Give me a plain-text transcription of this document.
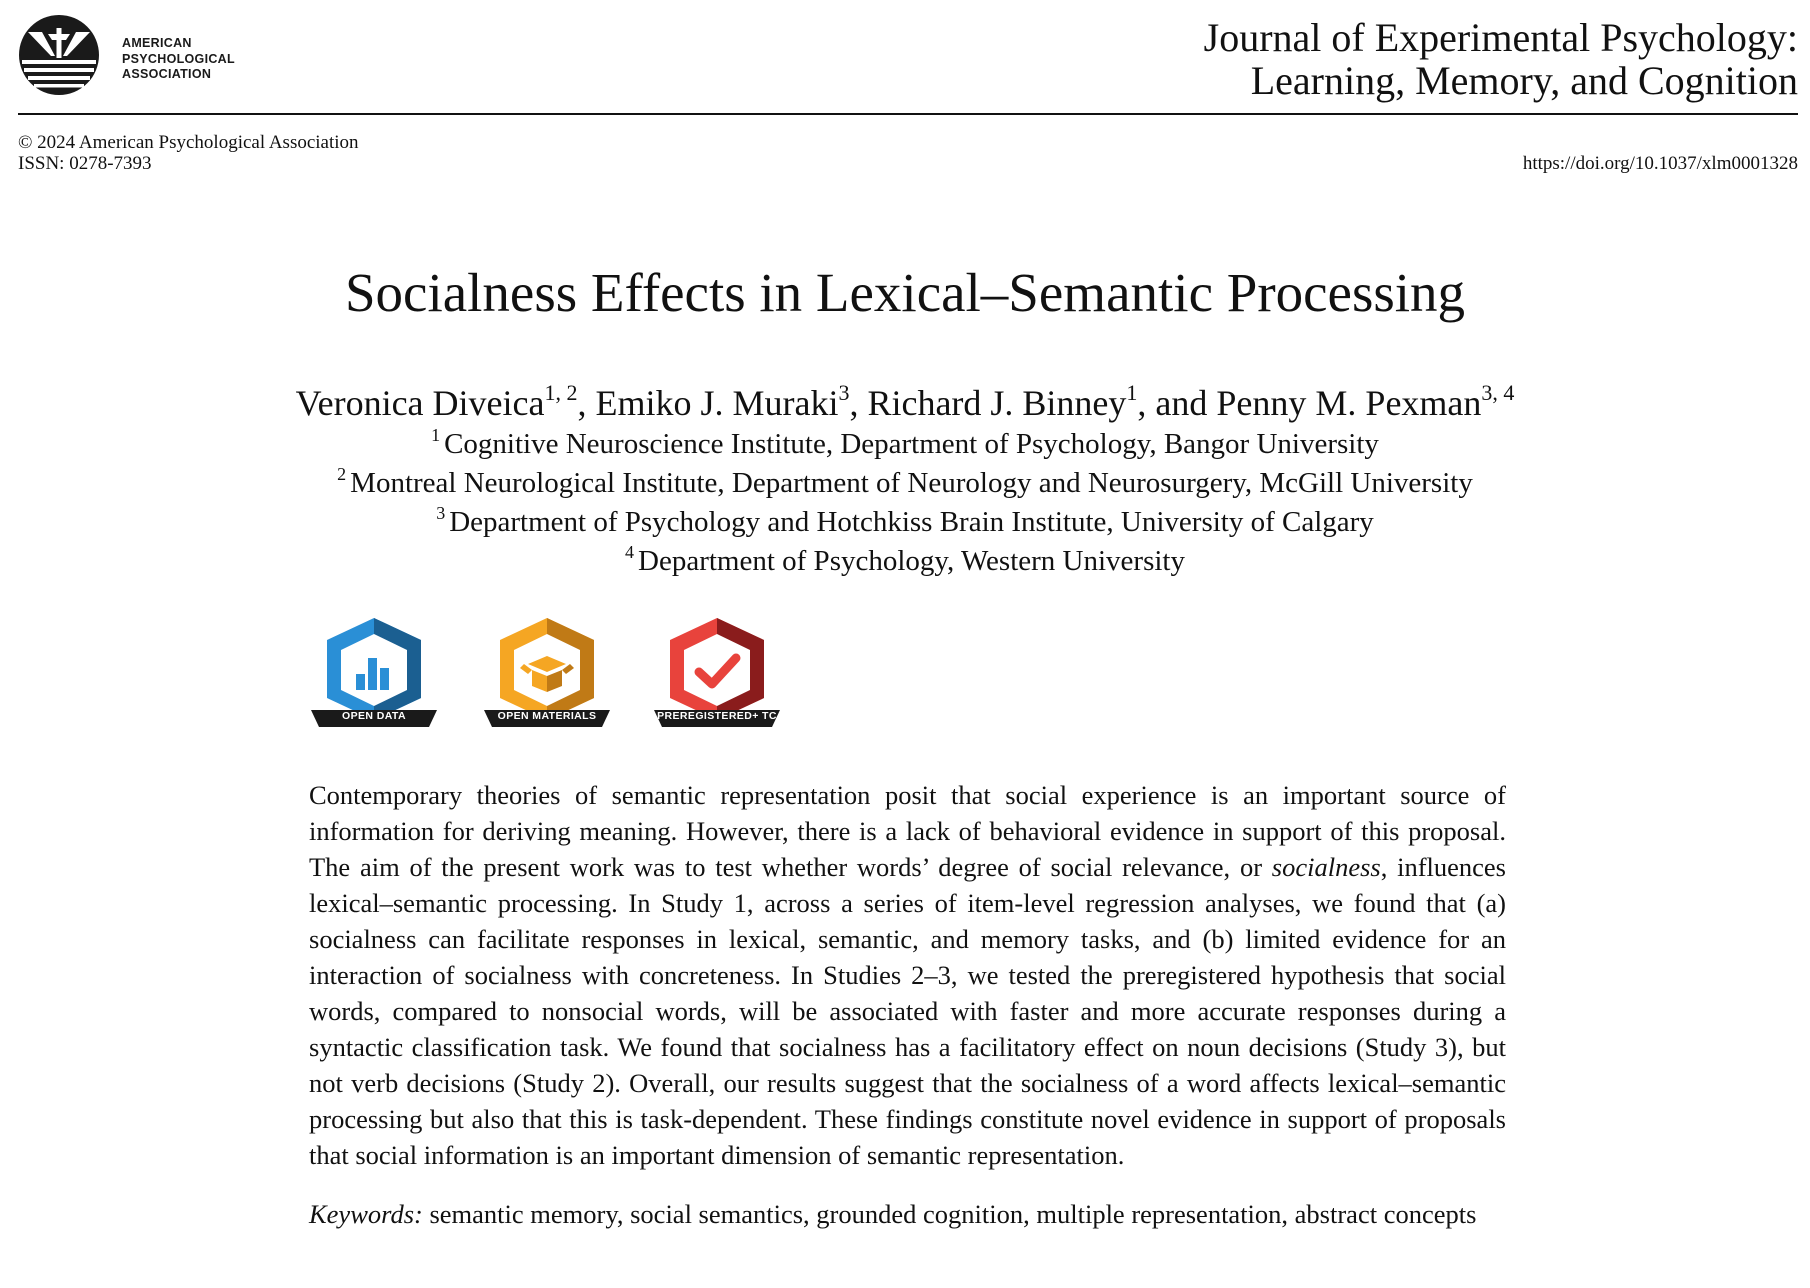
AMERICAN
PSYCHOLOGICAL
ASSOCIATION
Journal of Experimental Psychology:
Learning, Memory, and Cognition
© 2024 American Psychological Association
ISSN: 0278-7393	https://doi.org/10.1037/xlm0001328
Socialness Effects in Lexical–Semantic Processing
Veronica Diveica$^{1, 2}$, Emiko J. Muraki$^3$, Richard J. Binney$^1$, and Penny M. Pexman$^{3, 4}$
$^1$ Cognitive Neuroscience Institute, Department of Psychology, Bangor University
$^2$ Montreal Neurological Institute, Department of Neurology and Neurosurgery, McGill University
$^3$ Department of Psychology and Hotchkiss Brain Institute, University of Calgary
$^4$ Department of Psychology, Western University
OPEN DATA	OPEN MATERIALS	PREREGISTERED+ TC
Contemporary theories of semantic representation posit that social experience is an important source of information for deriving meaning. However, there is a lack of behavioral evidence in support of this proposal. The aim of the present work was to test whether words’ degree of social relevance, or socialness, influences lexical–semantic processing. In Study 1, across a series of item-level regression analyses, we found that (a) socialness can facilitate responses in lexical, semantic, and memory tasks, and (b) limited evidence for an interaction of socialness with concreteness. In Studies 2–3, we tested the preregistered hypothesis that social words, compared to nonsocial words, will be associated with faster and more accurate responses during a syntactic classification task. We found that socialness has a facilitatory effect on noun decisions (Study 3), but not verb decisions (Study 2). Overall, our results suggest that the socialness of a word affects lexical–semantic processing but also that this is task-dependent. These findings constitute novel evidence in support of proposals that social information is an important dimension of semantic representation.
Keywords: semantic memory, social semantics, grounded cognition, multiple representation, abstract concepts
